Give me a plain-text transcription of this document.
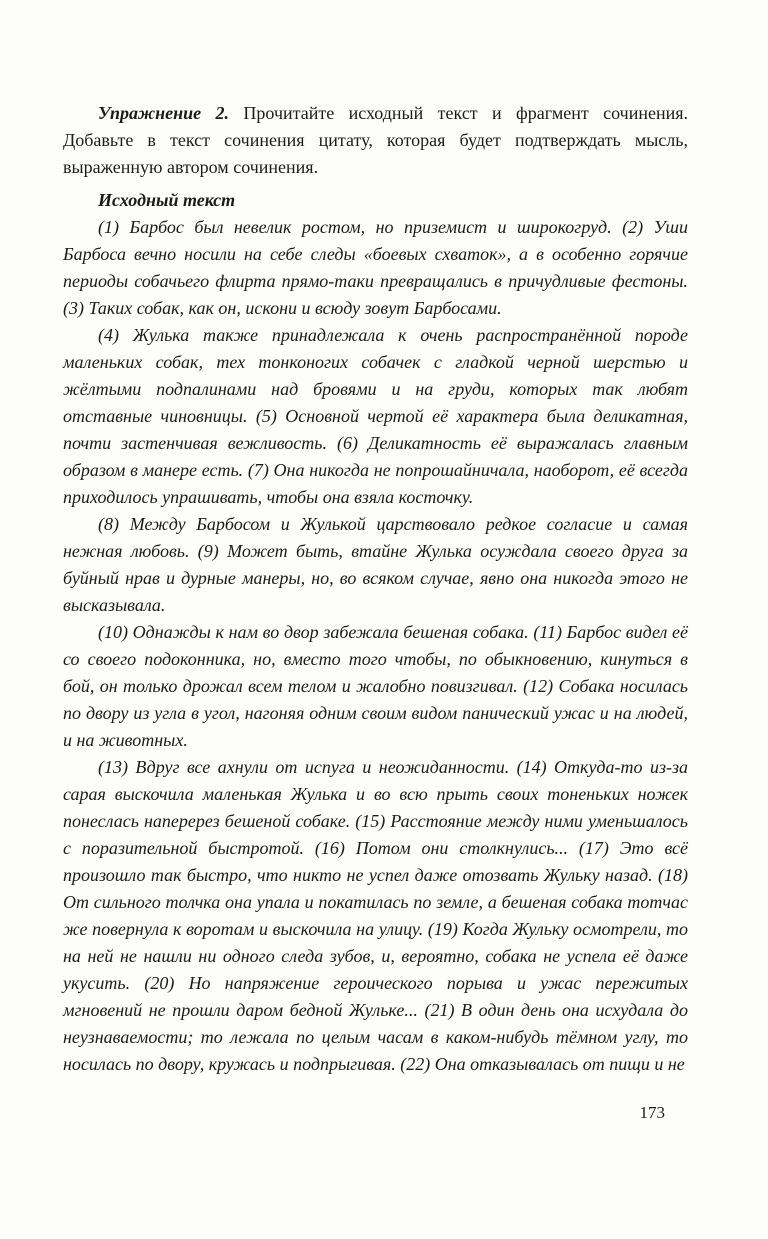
Упражнение 2. Прочитайте исходный текст и фрагмент сочинения. Добавьте в текст сочинения цитату, которая будет подтверждать мысль, выраженную автором сочинения.

Исходный текст

(1) Барбос был невелик ростом, но приземист и широкогруд. (2) Уши Барбоса вечно носили на себе следы «боевых схваток», а в особенно горячие периоды собачьего флирта прямо-таки превращались в причудливые фестоны. (3) Таких собак, как он, искони и всюду зовут Барбосами.

(4) Жулька также принадлежала к очень распространённой породе маленьких собак, тех тонконогих собачек с гладкой черной шерстью и жёлтыми подпалинами над бровями и на груди, которых так любят отставные чиновницы. (5) Основной чертой её характера была деликатная, почти застенчивая вежливость. (6) Деликатность её выражалась главным образом в манере есть. (7) Она никогда не попрошайничала, наоборот, её всегда приходилось упрашивать, чтобы она взяла косточку.

(8) Между Барбосом и Жулькой царствовало редкое согласие и самая нежная любовь. (9) Может быть, втайне Жулька осуждала своего друга за буйный нрав и дурные манеры, но, во всяком случае, явно она никогда этого не высказывала.

(10) Однажды к нам во двор забежала бешеная собака. (11) Барбос видел её со своего подоконника, но, вместо того чтобы, по обыкновению, кинуться в бой, он только дрожал всем телом и жалобно повизгивал. (12) Собака носилась по двору из угла в угол, нагоняя одним своим видом панический ужас и на людей, и на животных.

(13) Вдруг все ахнули от испуга и неожиданности. (14) Откуда-то из-за сарая выскочила маленькая Жулька и во всю прыть своих тоненьких ножек понеслась наперерез бешеной собаке. (15) Расстояние между ними уменьшалось с поразительной быстротой. (16) Потом они столкнулись... (17) Это всё произошло так быстро, что никто не успел даже отозвать Жульку назад. (18) От сильного толчка она упала и покатилась по земле, а бешеная собака тотчас же повернула к воротам и выскочила на улицу. (19) Когда Жульку осмотрели, то на ней не нашли ни одного следа зубов, и, вероятно, собака не успела её даже укусить. (20) Но напряжение героического порыва и ужас пережитых мгновений не прошли даром бедной Жульке... (21) В один день она исхудала до неузнаваемости; то лежала по целым часам в каком-нибудь тёмном углу, то носилась по двору, кружась и подпрыгивая. (22) Она отказывалась от пищи и не

173
